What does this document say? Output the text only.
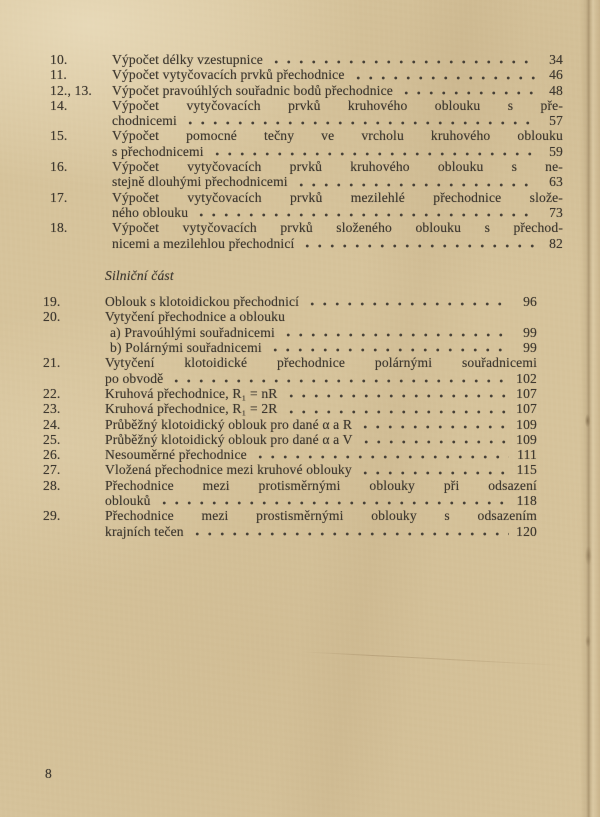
10.	Výpočet délky vzestupnice	34
11.	Výpočet vytyčovacích prvků přechodnice	46
12., 13.	Výpočet pravoúhlých souřadnic bodů přechodnice	48
14.	Výpočet vytyčovacích prvků kruhového oblouku s pře-
chodnicemi	57
15.	Výpočet pomocné tečny ve vrcholu kruhového oblouku
s přechodnicemi	59
16.	Výpočet vytyčovacích prvků kruhového oblouku s ne-
stejně dlouhými přechodnicemi	63
17.	Výpočet vytyčovacích prvků mezilehlé přechodnice slože-
ného oblouku	73
18.	Výpočet vytyčovacích prvků složeného oblouku s přechod-
nicemi a mezilehlou přechodnicí	82
Silniční část
19.	Oblouk s klotoidickou přechodnicí	96
20.	Vytyčení přechodnice a oblouku
a) Pravoúhlými souřadnicemi	99
b) Polárnými souřadnicemi	99
21.	Vytyčení klotoidické přechodnice polárnými souřadnicemi
po obvodě	102
22.	Kruhová přechodnice, R₁ = nR	107
23.	Kruhová přechodnice, R₁ = 2R	107
24.	Průběžný klotoidický oblouk pro dané α a R	109
25.	Průběžný klotoidický oblouk pro dané α a V	109
26.	Nesouměrné přechodnice	111
27.	Vložená přechodnice mezi kruhové oblouky	115
28.	Přechodnice mezi protisměrnými oblouky při odsazení
oblouků	118
29.	Přechodnice mezi prostisměrnými oblouky s odsazením
krajních tečen	120
8
